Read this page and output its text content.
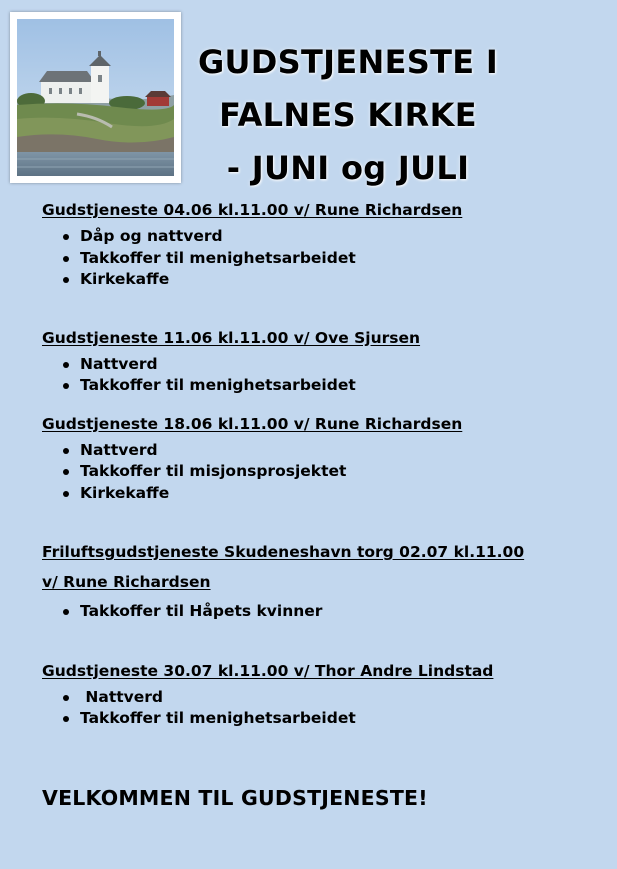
GUDSTJENESTE I
FALNES KIRKE
- JUNI og JULI
Gudstjeneste 04.06 kl.11.00 v/ Rune Richardsen
Dåp og nattverd
Takkoffer til menighetsarbeidet
Kirkekaffe
Gudstjeneste 11.06 kl.11.00 v/ Ove Sjursen
Nattverd
Takkoffer til menighetsarbeidet
Gudstjeneste 18.06 kl.11.00 v/ Rune Richardsen
Nattverd
Takkoffer til misjonsprosjektet
Kirkekaffe
Friluftsgudstjeneste Skudeneshavn torg 02.07 kl.11.00
v/ Rune Richardsen
Takkoffer til Håpets kvinner
Gudstjeneste 30.07 kl.11.00 v/ Thor Andre Lindstad
Nattverd
Takkoffer til menighetsarbeidet
VELKOMMEN TIL GUDSTJENESTE!
